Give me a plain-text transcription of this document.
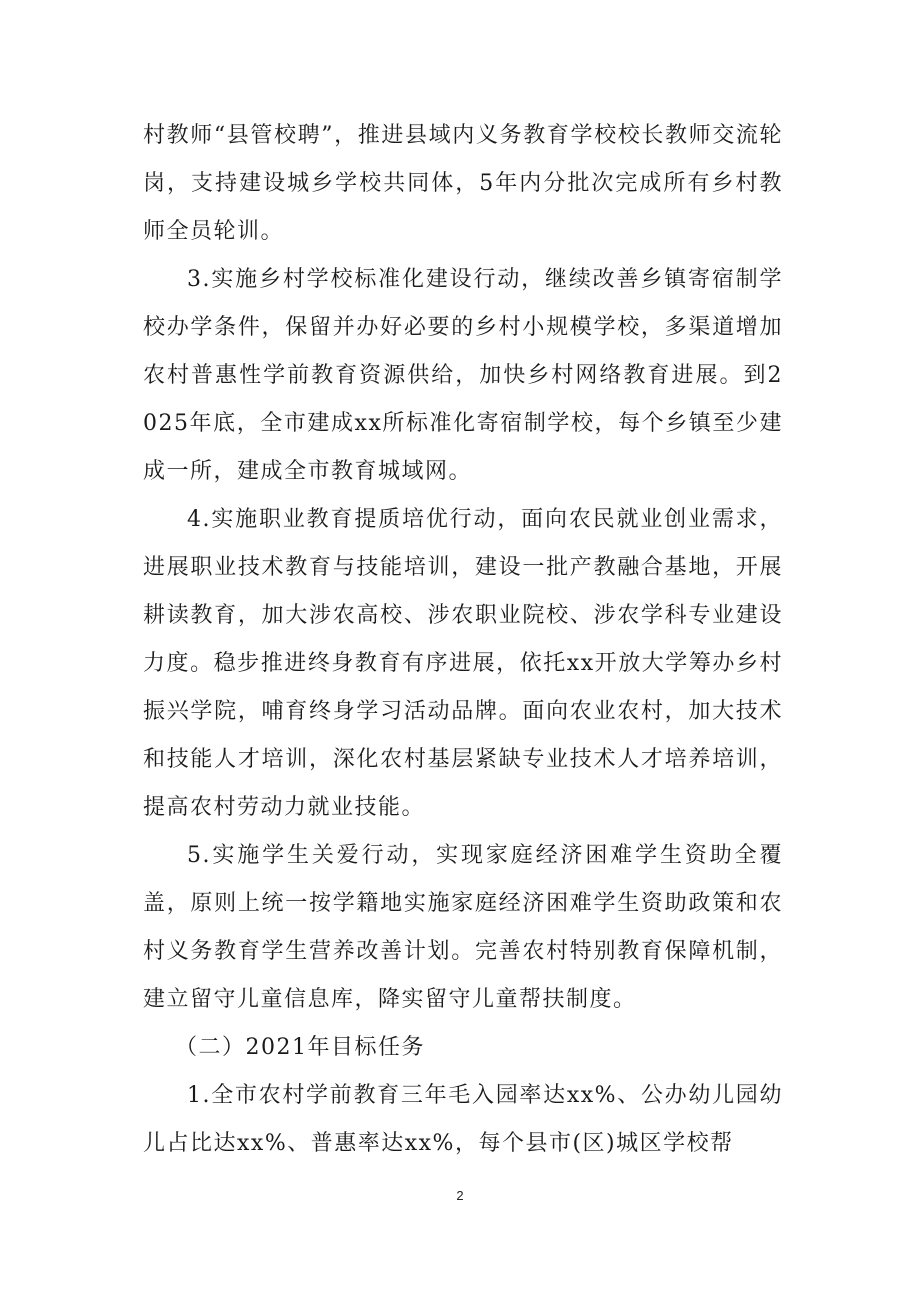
村教师“县管校聘”，推进县域内义务教育学校校长教师交流轮岗，支持建设城乡学校共同体，5年内分批次完成所有乡村教师全员轮训。

3.实施乡村学校标准化建设行动，继续改善乡镇寄宿制学校办学条件，保留并办好必要的乡村小规模学校，多渠道增加农村普惠性学前教育资源供给，加快乡村网络教育进展。到2025年底，全市建成xx所标准化寄宿制学校，每个乡镇至少建成一所，建成全市教育城域网。

4.实施职业教育提质培优行动，面向农民就业创业需求，进展职业技术教育与技能培训，建设一批产教融合基地，开展耕读教育，加大涉农高校、涉农职业院校、涉农学科专业建设力度。稳步推进终身教育有序进展，依托xx开放大学筹办乡村振兴学院，哺育终身学习活动品牌。面向农业农村，加大技术和技能人才培训，深化农村基层紧缺专业技术人才培养培训，提高农村劳动力就业技能。

5.实施学生关爱行动，实现家庭经济困难学生资助全覆盖，原则上统一按学籍地实施家庭经济困难学生资助政策和农村义务教育学生营养改善计划。完善农村特别教育保障机制，建立留守儿童信息库，降实留守儿童帮扶制度。

（二）2021年目标任务

1.全市农村学前教育三年毛入园率达xx%、公办幼儿园幼儿占比达xx%、普惠率达xx%，每个县市(区)城区学校帮

2
